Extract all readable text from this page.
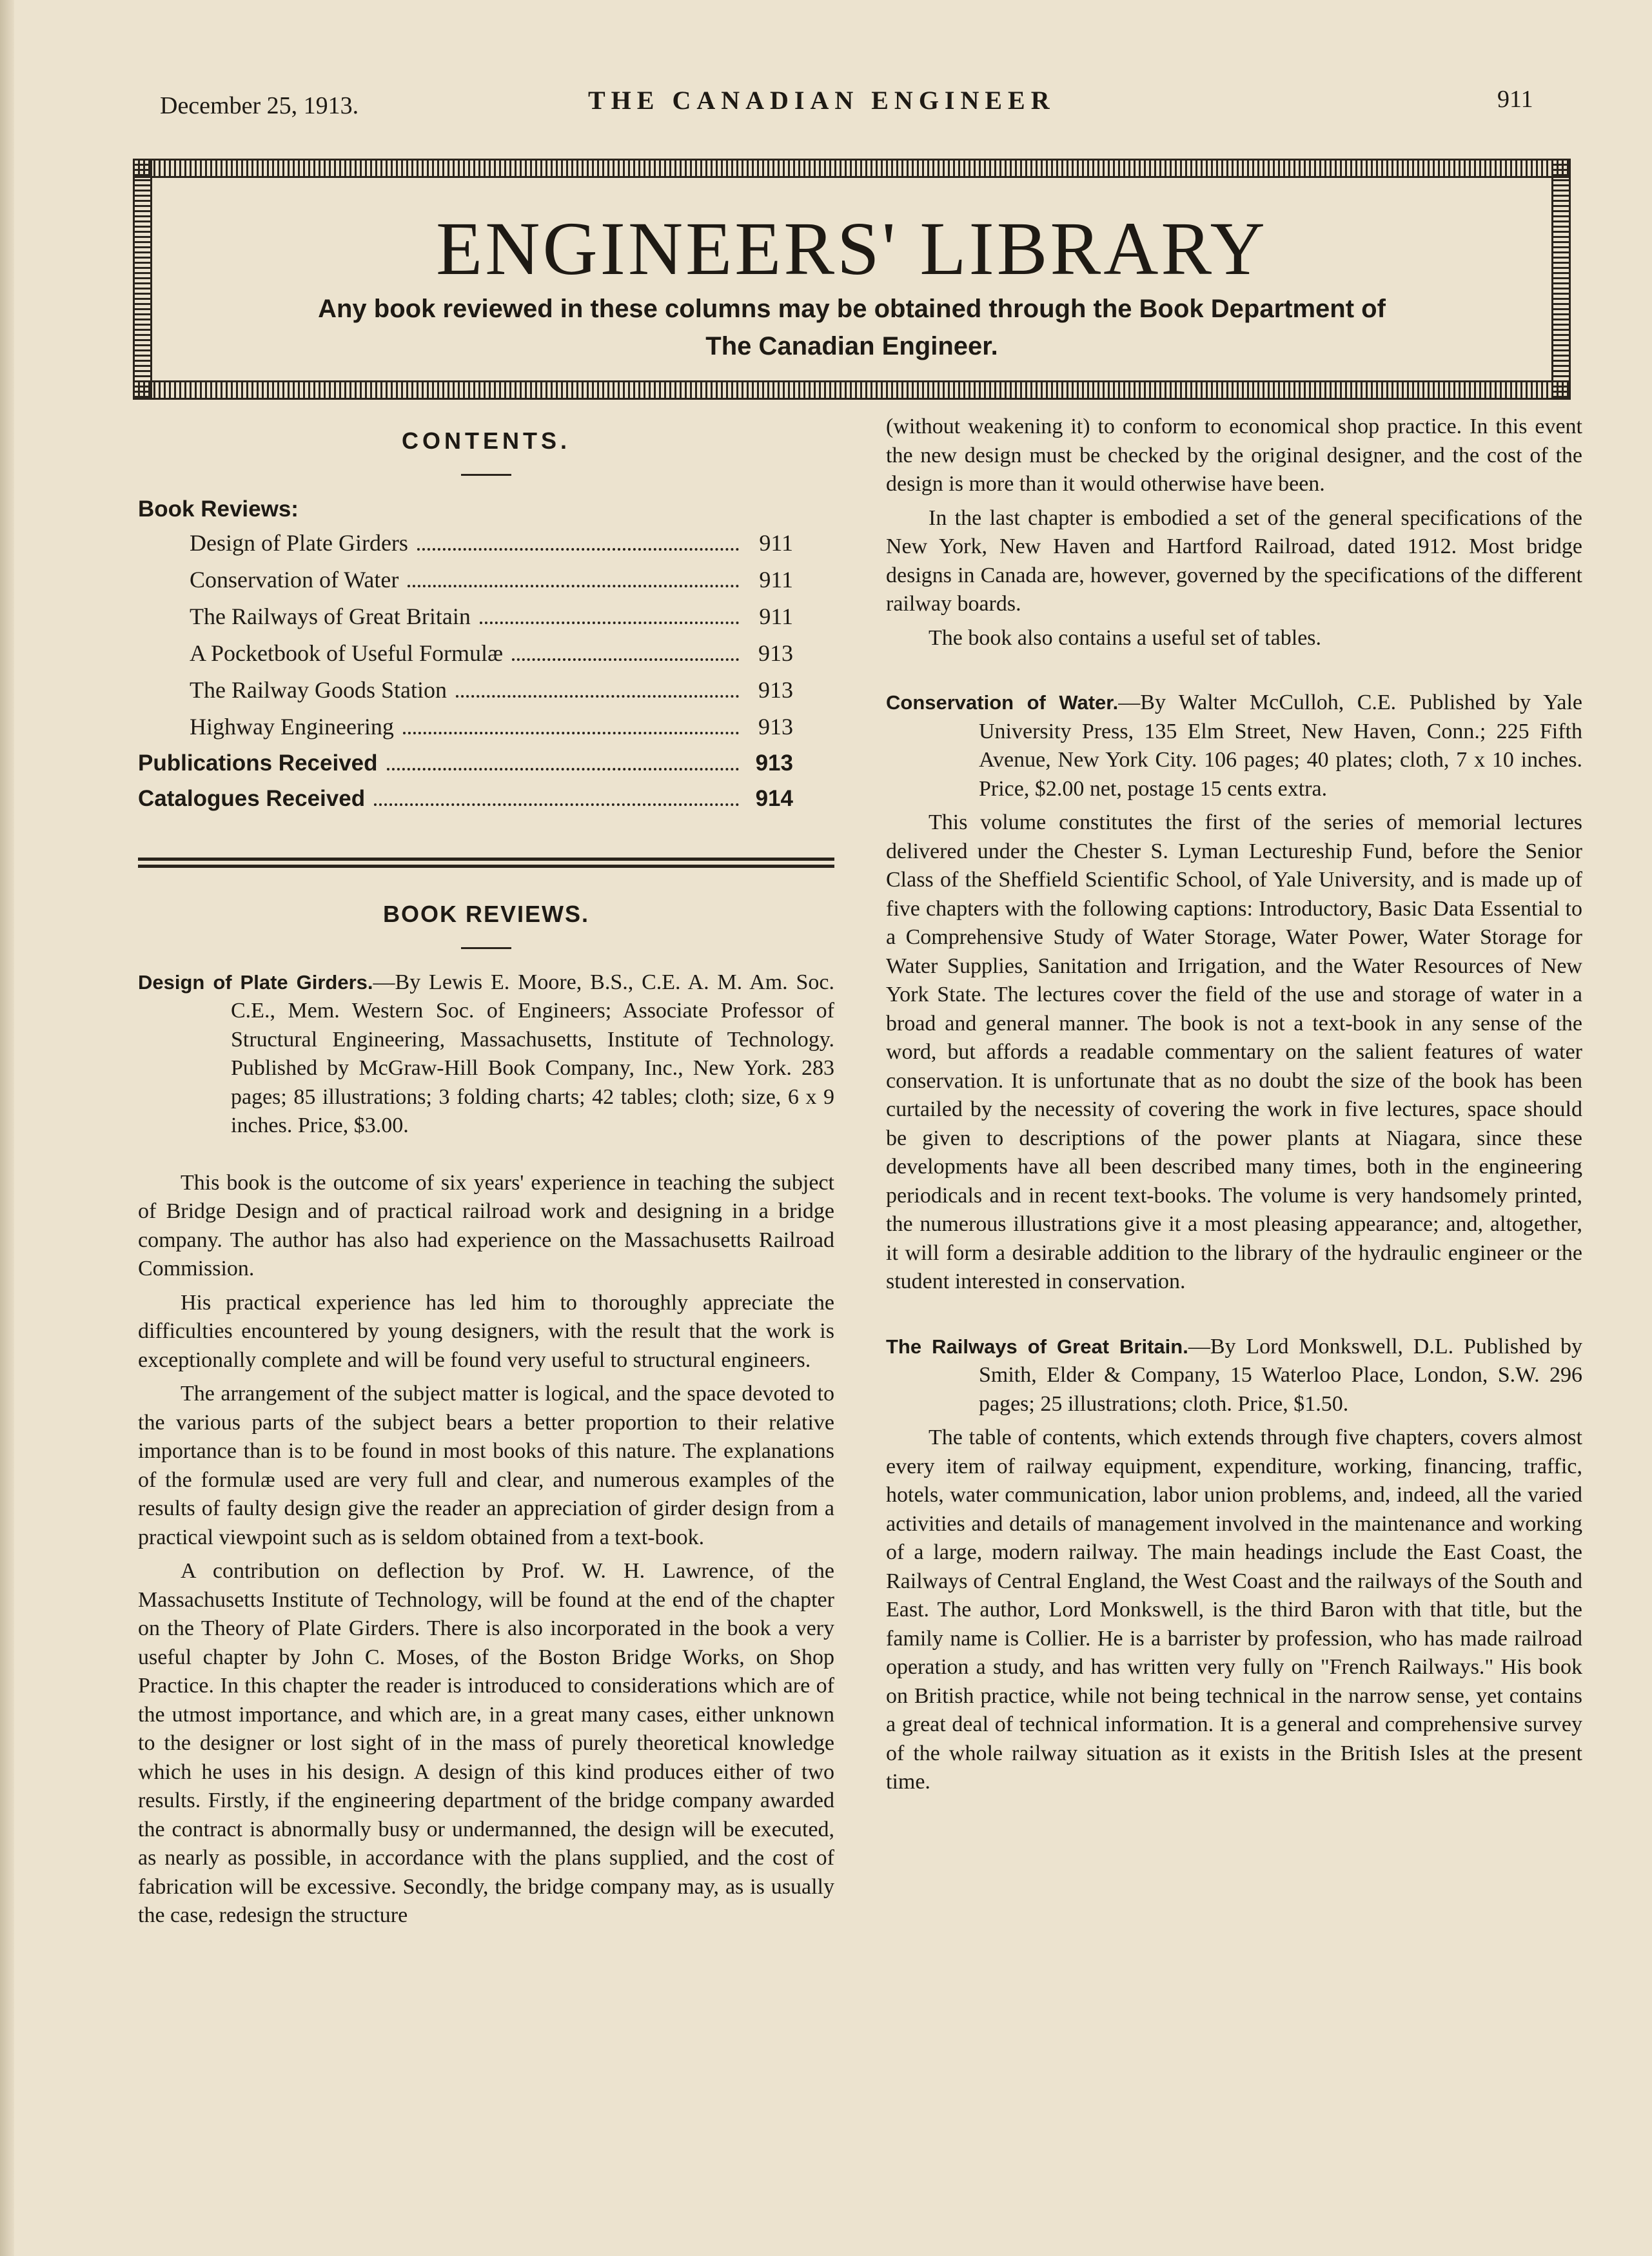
December 25, 1913.	THE CANADIAN ENGINEER	911
ENGINEERS' LIBRARY
Any book reviewed in these columns may be obtained through the Book Department of
The Canadian Engineer.
CONTENTS.
Book Reviews:
Design of Plate Girders	911
Conservation of Water	911
The Railways of Great Britain	911
A Pocketbook of Useful Formulæ	913
The Railway Goods Station	913
Highway Engineering	913
Publications Received	913
Catalogues Received	914
BOOK REVIEWS.

Design of Plate Girders.—By Lewis E. Moore, B.S., C.E. A. M. Am. Soc. C.E., Mem. Western Soc. of Engineers; Associate Professor of Structural Engineering, Massachusetts, Institute of Technology. Published by McGraw-Hill Book Company, Inc., New York. 283 pages; 85 illustrations; 3 folding charts; 42 tables; cloth; size, 6 x 9 inches. Price, $3.00.

This book is the outcome of six years' experience in teaching the subject of Bridge Design and of practical railroad work and designing in a bridge company. The author has also had experience on the Massachusetts Railroad Commission.

His practical experience has led him to thoroughly appreciate the difficulties encountered by young designers, with the result that the work is exceptionally complete and will be found very useful to structural engineers.

The arrangement of the subject matter is logical, and the space devoted to the various parts of the subject bears a better proportion to their relative importance than is to be found in most books of this nature. The explanations of the formulæ used are very full and clear, and numerous examples of the results of faulty design give the reader an appreciation of girder design from a practical viewpoint such as is seldom obtained from a text-book.

A contribution on deflection by Prof. W. H. Lawrence, of the Massachusetts Institute of Technology, will be found at the end of the chapter on the Theory of Plate Girders. There is also incorporated in the book a very useful chapter by John C. Moses, of the Boston Bridge Works, on Shop Practice. In this chapter the reader is introduced to considerations which are of the utmost importance, and which are, in a great many cases, either unknown to the designer or lost sight of in the mass of purely theoretical knowledge which he uses in his design. A design of this kind produces either of two results. Firstly, if the engineering department of the bridge company awarded the contract is abnormally busy or undermanned, the design will be executed, as nearly as possible, in accordance with the plans supplied, and the cost of fabrication will be excessive. Secondly, the bridge company may, as is usually the case, redesign the structure

(without weakening it) to conform to economical shop practice. In this event the new design must be checked by the original designer, and the cost of the design is more than it would otherwise have been.

In the last chapter is embodied a set of the general specifications of the New York, New Haven and Hartford Railroad, dated 1912. Most bridge designs in Canada are, however, governed by the specifications of the different railway boards.

The book also contains a useful set of tables.

Conservation of Water.—By Walter McCulloh, C.E. Published by Yale University Press, 135 Elm Street, New Haven, Conn.; 225 Fifth Avenue, New York City. 106 pages; 40 plates; cloth, 7 x 10 inches. Price, $2.00 net, postage 15 cents extra.

This volume constitutes the first of the series of memorial lectures delivered under the Chester S. Lyman Lectureship Fund, before the Senior Class of the Sheffield Scientific School, of Yale University, and is made up of five chapters with the following captions: Introductory, Basic Data Essential to a Comprehensive Study of Water Storage, Water Power, Water Storage for Water Supplies, Sanitation and Irrigation, and the Water Resources of New York State. The lectures cover the field of the use and storage of water in a broad and general manner. The book is not a text-book in any sense of the word, but affords a readable commentary on the salient features of water conservation. It is unfortunate that as no doubt the size of the book has been curtailed by the necessity of covering the work in five lectures, space should be given to descriptions of the power plants at Niagara, since these developments have all been described many times, both in the engineering periodicals and in recent text-books. The volume is very handsomely printed, the numerous illustrations give it a most pleasing appearance; and, altogether, it will form a desirable addition to the library of the hydraulic engineer or the student interested in conservation.

The Railways of Great Britain.—By Lord Monkswell, D.L. Published by Smith, Elder & Company, 15 Waterloo Place, London, S.W. 296 pages; 25 illustrations; cloth. Price, $1.50.

The table of contents, which extends through five chapters, covers almost every item of railway equipment, expenditure, working, financing, traffic, hotels, water communication, labor union problems, and, indeed, all the varied activities and details of management involved in the maintenance and working of a large, modern railway. The main headings include the East Coast, the Railways of Central England, the West Coast and the railways of the South and East. The author, Lord Monkswell, is the third Baron with that title, but the family name is Collier. He is a barrister by profession, who has made railroad operation a study, and has written very fully on "French Railways." His book on British practice, while not being technical in the narrow sense, yet contains a great deal of technical information. It is a general and comprehensive survey of the whole railway situation as it exists in the British Isles at the present time.
